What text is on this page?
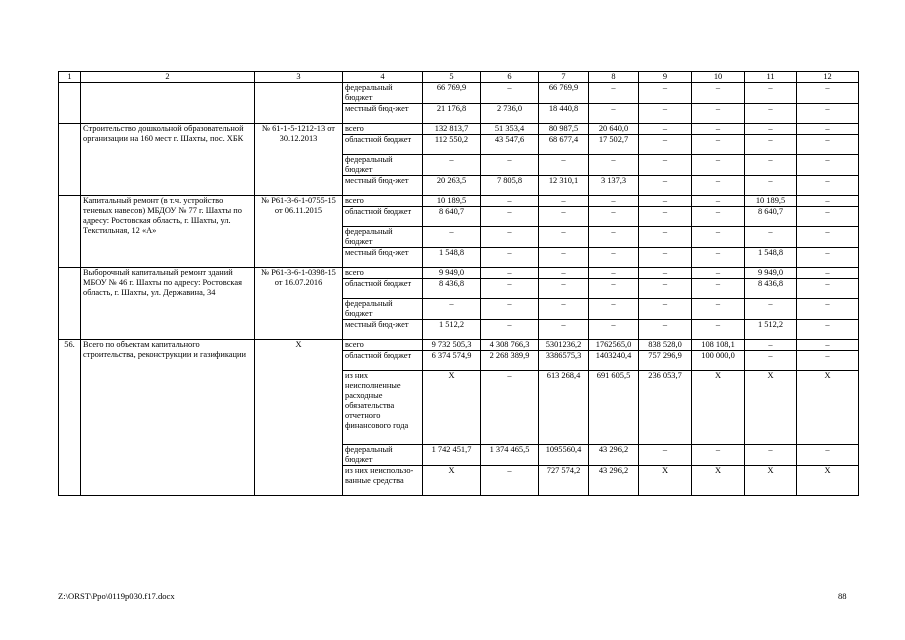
1	2	3	4	5	6	7	8	9	10	11	12
			федеральный бюджет	66 769,9	–	66 769,9	–	–	–	–	–
			местный бюд-жет	21 176,8	2 736,0	18 440,8	–	–	–	–	–
	Строительство дошкольной образовательной организации на 160 мест г. Шахты, пос. ХБК	№ 61-1-5-1212-13 от 30.12.2013	всего	132 813,7	51 353,4	80 987,5	20 640,0	–	–	–	–
			областной бюджет	112 550,2	43 547,6	68 677,4	17 502,7	–	–	–	–
			федеральный бюджет	–	–	–	–	–	–	–	–
			местный бюд-жет	20 263,5	7 805,8	12 310,1	3 137,3	–	–	–	–
	Капитальный ремонт (в т.ч. устройство теневых навесов) МБДОУ № 77 г. Шахты по адресу: Ростовская область, г. Шахты, ул. Текстильная, 12 «А»	№ Р61-3-6-1-0755-15 от 06.11.2015	всего	10 189,5	–	–	–	–	–	10 189,5	–
			областной бюджет	8 640,7	–	–	–	–	–	8 640,7	–
			федеральный бюджет	–	–	–	–	–	–	–	–
			местный бюд-жет	1 548,8	–	–	–	–	–	1 548,8	–
	Выборочный капитальный ремонт зданий МБОУ № 46 г. Шахты по адресу: Ростовская область, г. Шахты, ул. Державина, 34	№ Р61-3-6-1-0398-15 от 16.07.2016	всего	9 949,0	–	–	–	–	–	9 949,0	–
			областной бюджет	8 436,8	–	–	–	–	–	8 436,8	–
			федеральный бюджет	–	–	–	–	–	–	–	–
			местный бюд-жет	1 512,2	–	–	–	–	–	1 512,2	–
56.	Всего по объектам капитального строительства, реконструкции и газификации	Х	всего	9 732 505,3	4 308 766,3	5301236,2	1762565,0	838 528,0	108 108,1	–	–
			областной бюджет	6 374 574,9	2 268 389,9	3386575,3	1403240,4	757 296,9	100 000,0	–	–
			из них неисполненные расходные обязательства отчетного финансового года	Х	–	613 268,4	691 605,5	236 053,7	Х	Х	Х
			федеральный бюджет	1 742 451,7	1 374 465,5	1095560,4	43 296,2	–	–	–	–
			из них неиспользо-ванные средства	Х	–	727 574,2	43 296,2	Х	Х	Х	Х
Z:\ORST\Ppo\0119p030.f17.docx	88
